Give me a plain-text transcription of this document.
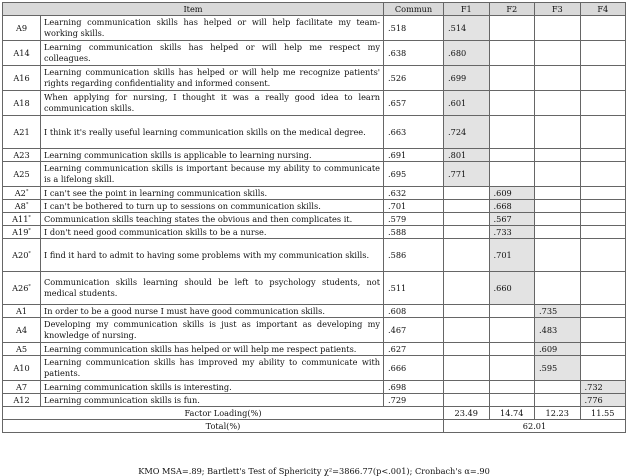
Item		Commun	F1	F2	F3	F4
A9	Learning communication skills has helped or will help facilitate my team-working skills.	.518	.514			
A14	Learning communication skills has helped or will help me respect my colleagues.	.638	.680			
A16	Learning communication skills has helped or will help me recognize patients' rights regarding confidentiality and informed consent.	.526	.699			
A18	When applying for nursing, I thought it was a really good idea to learn communication skills.	.657	.601			
A21	I think it's really useful learning communication skills on the medical degree.	.663	.724			
A23	Learning communication skills is applicable to learning nursing.	.691	.801			
A25	Learning communication skills is important because my ability to communicate is a lifelong skill.	.695	.771			
A2*	I can't see the point in learning communication skills.	.632		.609		
A8*	I can't be bothered to turn up to sessions on communication skills.	.701		.668		
A11*	Communication skills teaching states the obvious and then complicates it.	.579		.567		
A19*	I don't need good communication skills to be a nurse.	.588		.733		
A20*	I find it hard to admit to having some problems with my communication skills.	.586		.701		
A26*	Communication skills learning should be left to psychology students, not medical students.	.511		.660		
A1	In order to be a good nurse I must have good communication skills.	.608			.735	
A4	Developing my communication skills is just as important as developing my knowledge of nursing.	.467			.483	
A5	Learning communication skills has helped or will help me respect patients.	.627			.609	
A10	Learning communication skills has improved my ability to communicate with patients.	.666			.595	
A7	Learning communication skills is interesting.	.698				.732
A12	Learning communication skills is fun.	.729				.776
Factor Loading(%)			23.49	14.74	12.23	11.55
Total(%)			62.01			
KMO MSA=.89; Bartlett's Test of Sphericity χ²=3866.77(p<.001); Cronbach's α=.90
